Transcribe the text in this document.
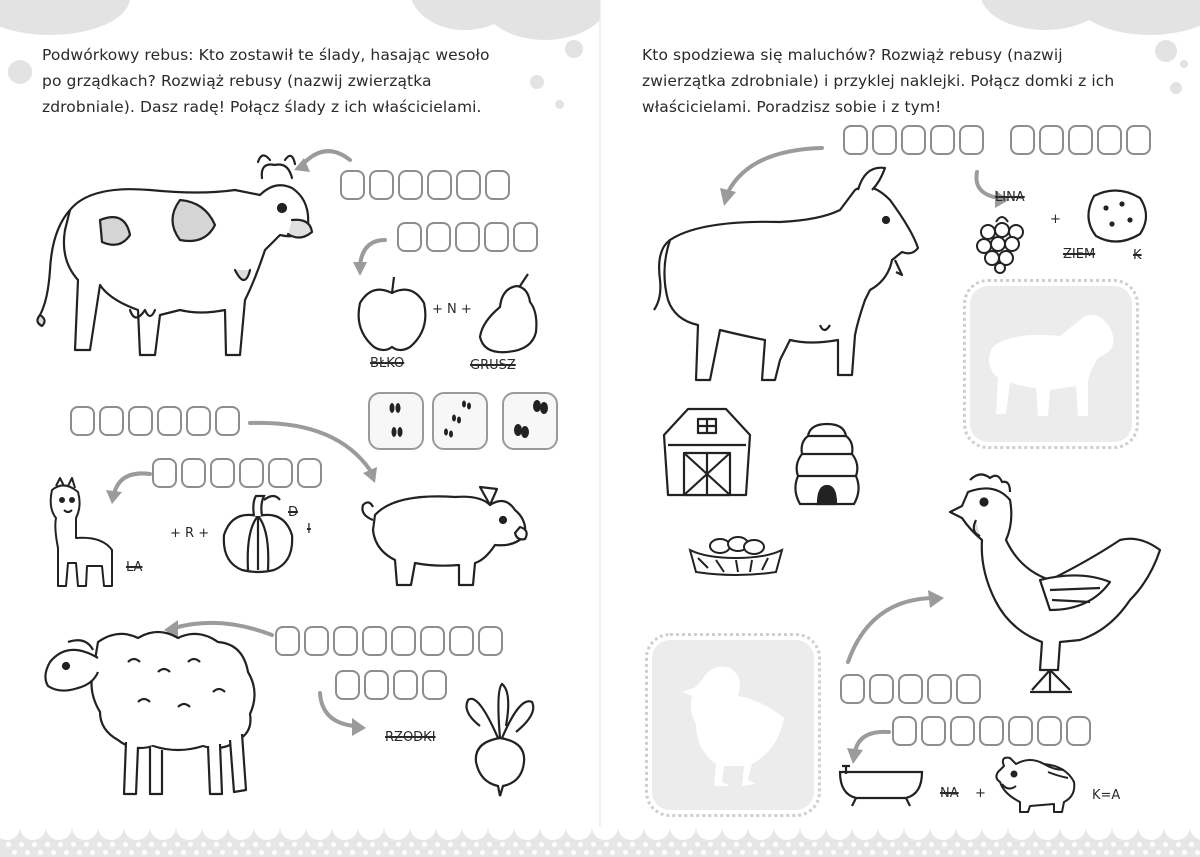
Podwórkowy rebus: Kto zostawił te ślady, hasając wesoło po grządkach? Rozwiąż rebusy (nazwij zwierzątka zdrobniale). Dasz radę! Połącz ślady z ich właścicielami.
+ N +
BŁKO	GRUSZ
LA
+ R +
D
I
RZODKI
Kto spodziewa się maluchów? Rozwiąż rebusy (nazwij zwierzątka zdrobniale) i przyklej naklejki. Połącz domki z ich właścicielami. Poradzisz sobie i z tym!
LINA
+
ZIEM	K
NA +	K=A
